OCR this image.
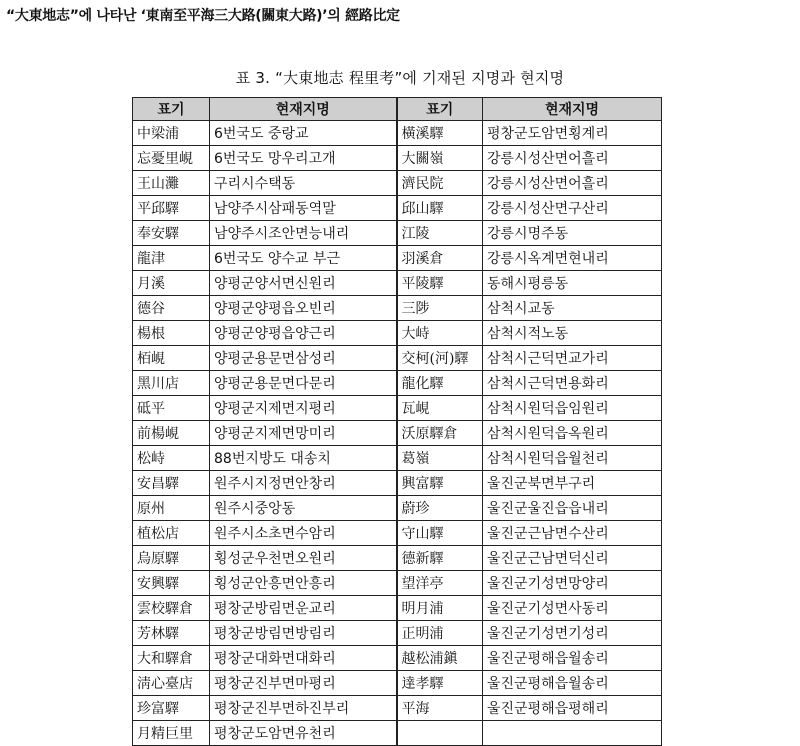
“大東地志”에 나타난 ‘東南至平海三大路(關東大路)’의 經路比定
표 3. “大東地志 程里考”에 기재된 지명과 현지명
표기	현재지명	표기	현재지명
中梁浦	6번국도 중랑교	橫溪驛	평창군도암면횡계리
忘憂里峴	6번국도 망우리고개	大關嶺	강릉시성산면어흘리
王山灘	구리시수택동	濟民院	강릉시성산면어흘리
平邱驛	남양주시삼패동역말	邱山驛	강릉시성산면구산리
奉安驛	남양주시조안면능내리	江陵	강릉시명주동
龍津	6번국도 양수교 부근	羽溪倉	강릉시옥계면현내리
月溪	양평군양서면신원리	平陵驛	동해시평릉동
德谷	양평군양평읍오빈리	三陟	삼척시교동
楊根	양평군양평읍양근리	大峙	삼척시적노동
栢峴	양평군용문면삼성리	交柯(河)驛	삼척시근덕면교가리
黑川店	양평군용문면다문리	龍化驛	삼척시근덕면용화리
砥平	양평군지제면지평리	瓦峴	삼척시원덕읍임원리
前楊峴	양평군지제면망미리	沃原驛倉	삼척시원덕읍옥원리
松峙	88번지방도 대송치	葛嶺	삼척시원덕읍월천리
安昌驛	원주시지정면안창리	興富驛	울진군북면부구리
原州	원주시중앙동	蔚珍	울진군울진읍읍내리
植松店	원주시소초면수암리	守山驛	울진군근남면수산리
烏原驛	횡성군우천면오원리	德新驛	울진군근남면덕신리
安興驛	횡성군안흥면안흥리	望洋亭	울진군기성면망양리
雲校驛倉	평창군방림면운교리	明月浦	울진군기성면사동리
芳林驛	평창군방림면방림리	正明浦	울진군기성면기성리
大和驛倉	평창군대화면대화리	越松浦鎭	울진군평해읍월송리
淸心臺店	평창군진부면마평리	達孝驛	울진군평해읍월송리
珍富驛	평창군진부면하진부리	平海	울진군평해읍평해리
月精巨里	평창군도암면유천리		
